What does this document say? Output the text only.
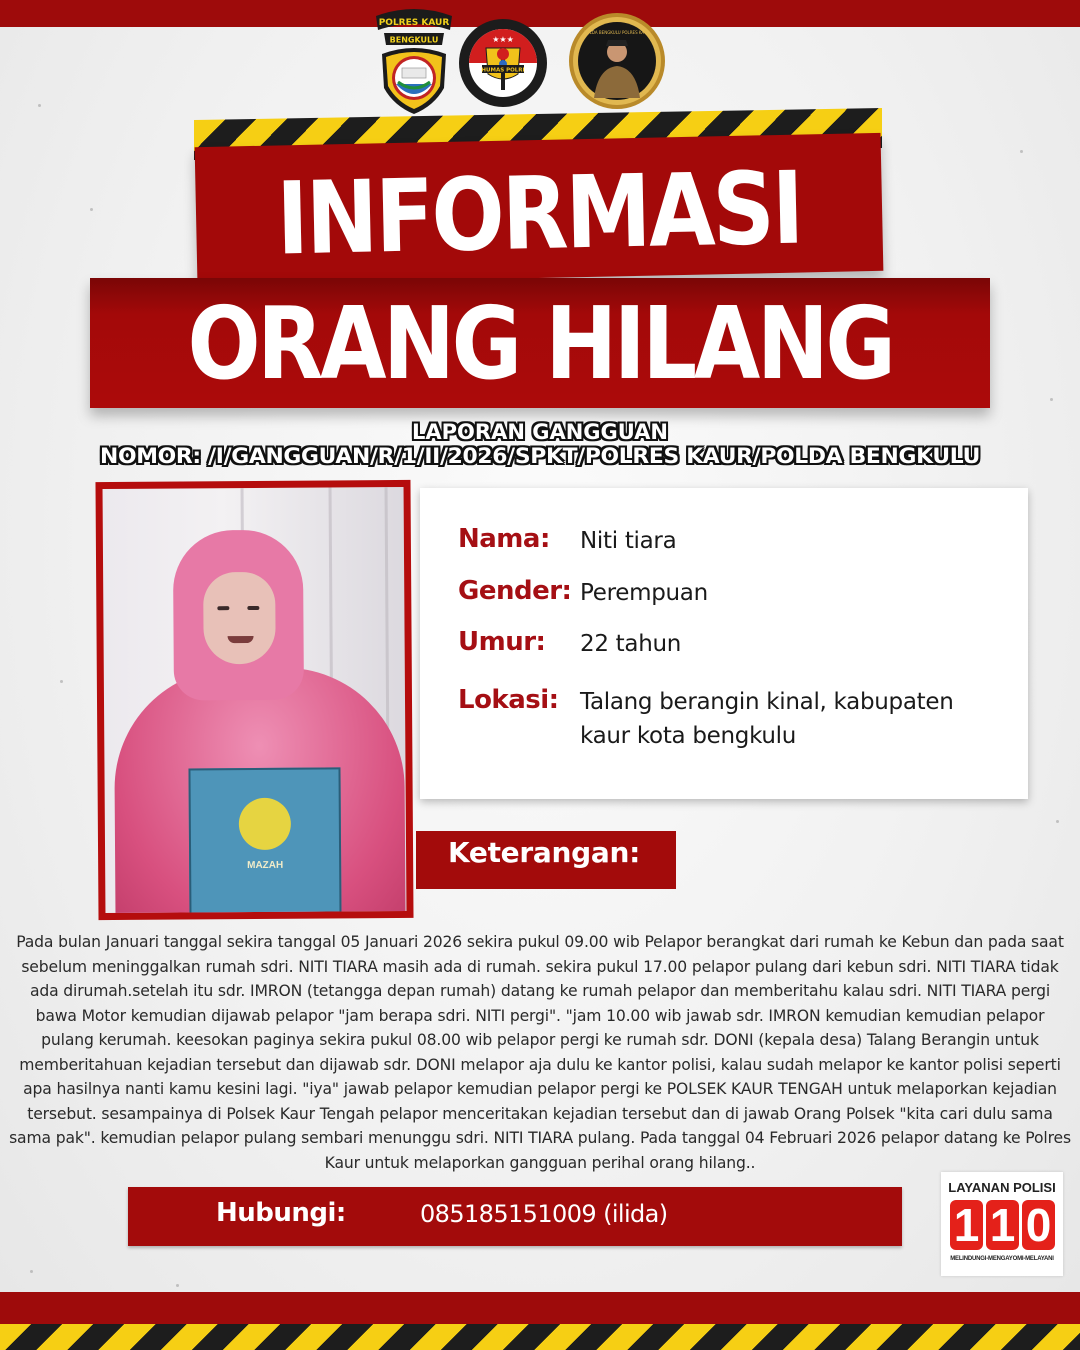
POLRES KAUR
BENGKULU
HUMAS POLRI
★★★
POLDA BENGKULU POLRES KAUR
INFORMASI
ORANG HILANG
LAPORAN GANGGUAN
NOMOR: /I/GANGGUAN/R/1/II/2026/SPKT/POLRES KAUR/POLDA BENGKULU
MAZAH
Nama:	Niti tiara
Gender: Perempuan
Umur:	22 tahun
Lokasi: Talang berangin kinal, kabupaten kaur kota bengkulu
Keterangan:
Pada bulan Januari tanggal sekira tanggal 05 Januari 2026 sekira pukul 09.00 wib Pelapor berangkat dari rumah ke Kebun dan pada saat sebelum meninggalkan rumah sdri. NITI TIARA masih ada di rumah. sekira pukul 17.00 pelapor pulang dari kebun sdri. NITI TIARA tidak ada dirumah.setelah itu sdr. IMRON (tetangga depan rumah) datang ke rumah pelapor dan memberitahu kalau sdri. NITI TIARA pergi bawa Motor kemudian dijawab pelapor "jam berapa sdri. NITI pergi". "jam 10.00 wib jawab sdr. IMRON kemudian kemudian pelapor pulang kerumah. keesokan paginya sekira pukul 08.00 wib pelapor pergi ke rumah sdr. DONI (kepala desa) Talang Berangin untuk memberitahuan kejadian tersebut dan dijawab sdr. DONI melapor aja dulu ke kantor polisi, kalau sudah melapor ke kantor polisi seperti apa hasilnya nanti kamu kesini lagi. "iya" jawab pelapor kemudian pelapor pergi ke POLSEK KAUR TENGAH untuk melaporkan kejadian tersebut. sesampainya di Polsek Kaur Tengah pelapor menceritakan kejadian tersebut dan di jawab Orang Polsek "kita cari dulu sama sama pak". kemudian pelapor pulang sembari menunggu sdri. NITI TIARA pulang. Pada tanggal 04 Februari 2026 pelapor datang ke Polres Kaur untuk melaporkan gangguan perihal orang hilang..
Hubungi:	085185151009 (ilida)
LAYANAN POLISI
1 1 0
MELINDUNGI-MENGAYOMI-MELAYANI
